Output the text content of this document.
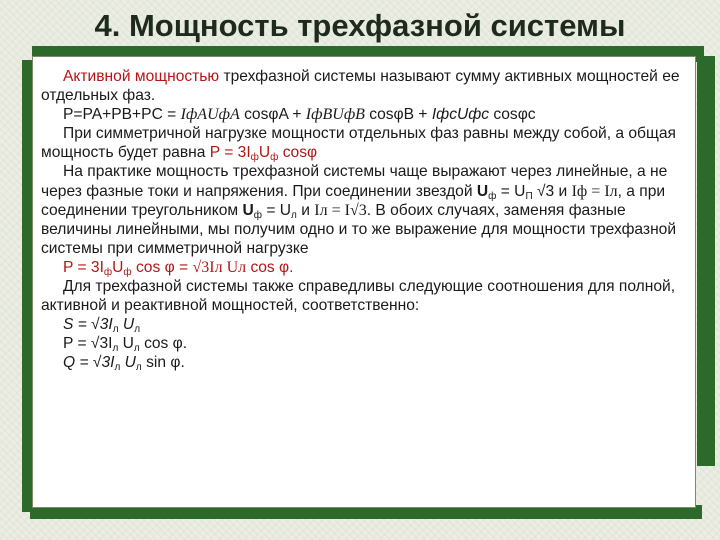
4. Мощность трехфазной системы

Активной мощностью трехфазной системы называют сумму активных мощностей ее отдельных фаз.

P=PA+PB+PC = IфAUфA cosφA + IфBUфB cosφB + IфcUфc cosφc

При симметричной нагрузке мощности отдельных фаз равны между собой, а общая мощность будет равна $P = 3I_фU_ф$ cosφ

На практике мощность трехфазной системы чаще выражают через линейные, а не через фазные токи и напряжения. При соединении звездой $U_ф = U_П$ √3 и Iф = Iл, а при соединении треугольником $U_ф = U_л$ и Iл = I√3. В обоих случаях, заменяя фазные величины линейными, мы получим одно и то же выражение для мощности трехфазной системы при симметричной нагрузке

$P = 3I_фU_ф$ cos φ = √3Iл Uл cos φ.

Для трехфазной системы также справедливы следующие соотношения для полной, активной и реактивной мощностей, соответственно:

$S = √3I_л$ $U_л$

$P = √3I_л$ $U_л$ cos φ.

$Q = √3I_л$ $U_л$ sin φ.
